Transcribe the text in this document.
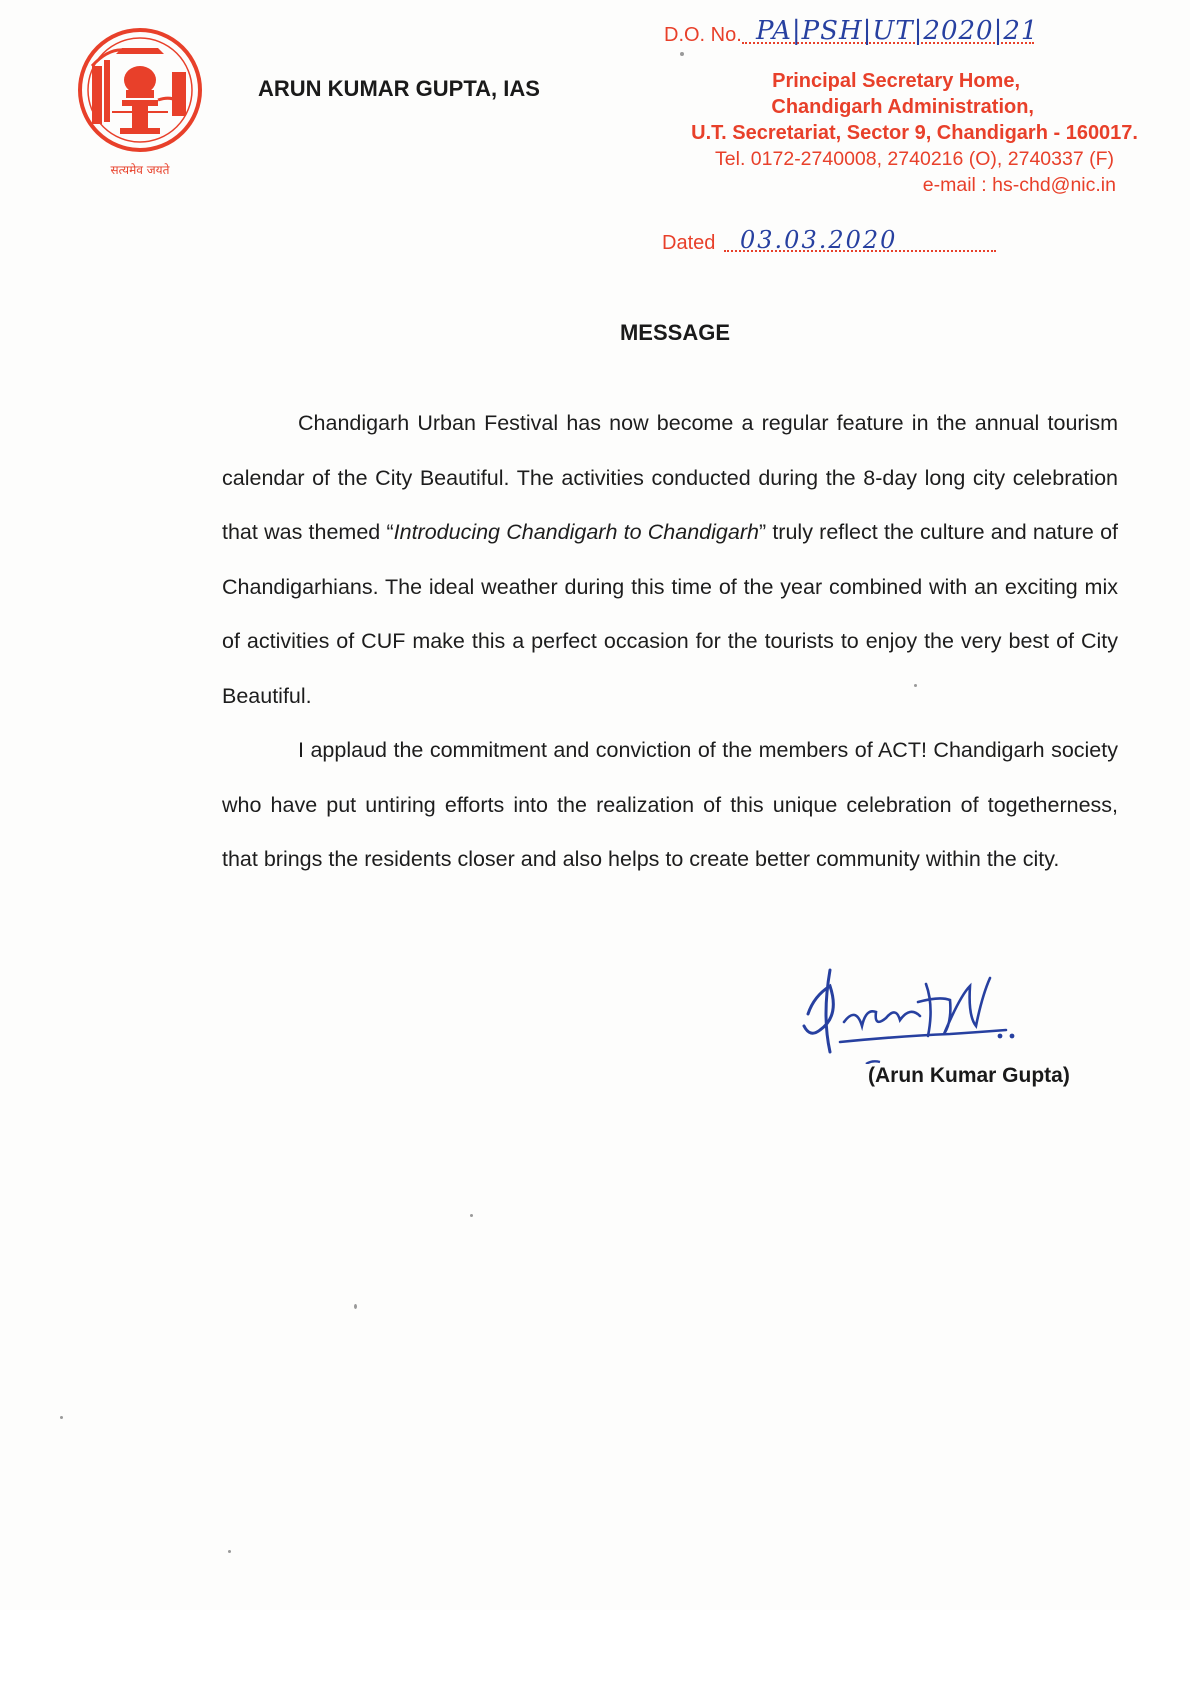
सत्यमेव जयते
ARUN KUMAR GUPTA, IAS
D.O. No. PA|PSH|UT|2020|21
Principal Secretary Home,
Chandigarh Administration,
U.T. Secretariat, Sector 9, Chandigarh - 160017.
Tel. 0172-2740008, 2740216 (O), 2740337 (F)
e-mail : hs-chd@nic.in
Dated 03.03.2020
MESSAGE

Chandigarh Urban Festival has now become a regular feature in the annual tourism calendar of the City Beautiful. The activities conducted during the 8-day long city celebration that was themed “Introducing Chandigarh to Chandigarh” truly reflect the culture and nature of Chandigarhians. The ideal weather during this time of the year combined with an exciting mix of activities of CUF make this a perfect occasion for the tourists to enjoy the very best of City Beautiful.

I applaud the commitment and conviction of the members of ACT! Chandigarh society who have put untiring efforts into the realization of this unique celebration of togetherness, that brings the residents closer and also helps to create better community within the city.

(Arun Kumar Gupta)
